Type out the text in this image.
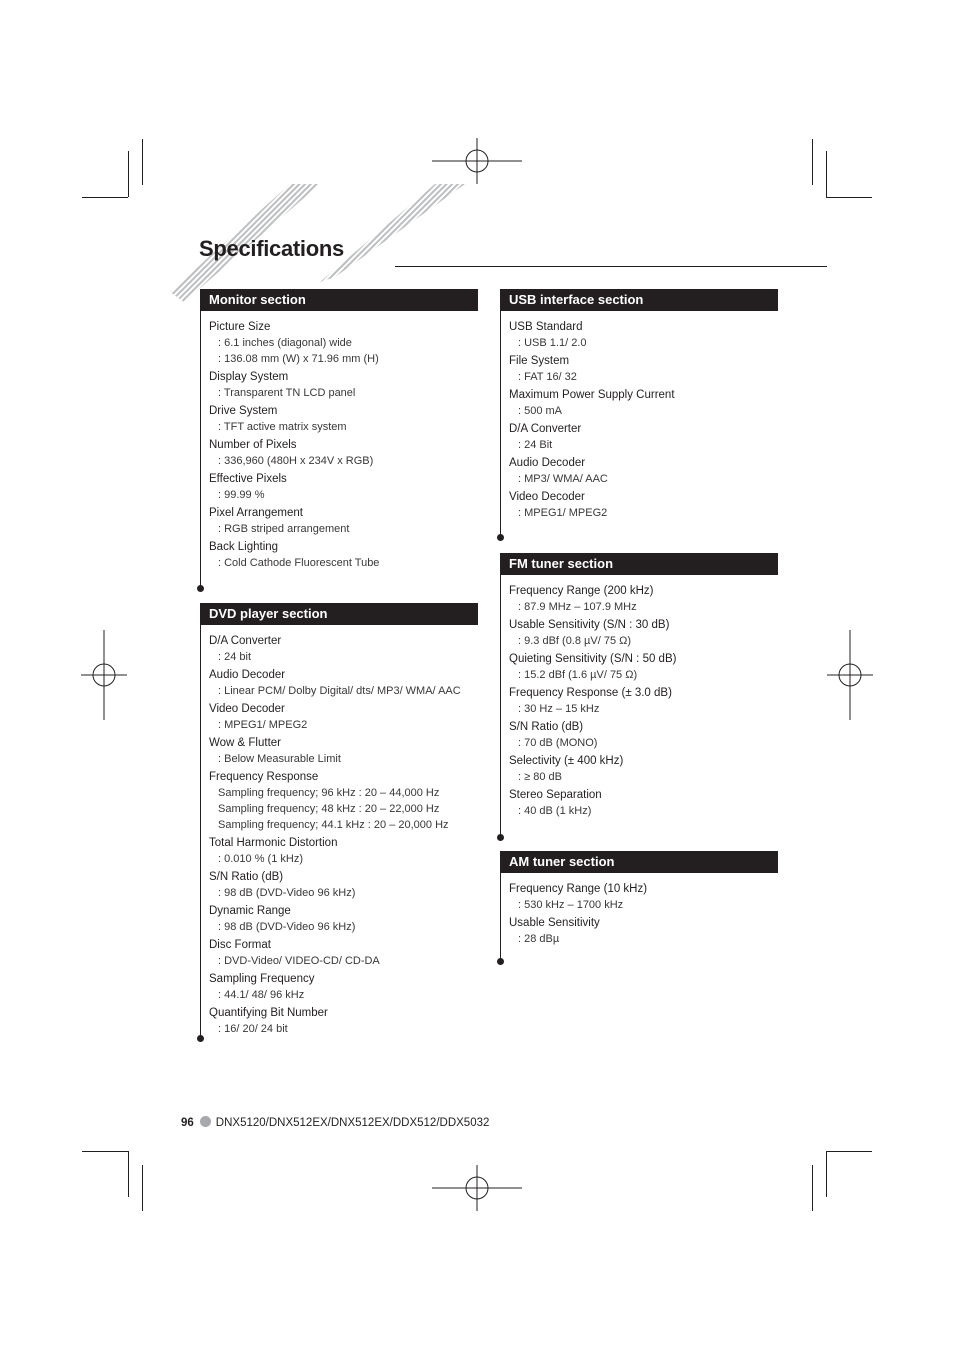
Specifications
Monitor section
Picture Size
: 6.1 inches (diagonal) wide
: 136.08 mm (W) x 71.96 mm (H)
Display System
: Transparent TN LCD panel
Drive System
: TFT active matrix system
Number of Pixels
: 336,960 (480H x 234V x RGB)
Effective Pixels
: 99.99 %
Pixel Arrangement
: RGB striped arrangement
Back Lighting
: Cold Cathode Fluorescent Tube
DVD player section
D/A Converter
: 24 bit
Audio Decoder
: Linear PCM/ Dolby Digital/ dts/ MP3/ WMA/ AAC
Video Decoder
: MPEG1/ MPEG2
Wow & Flutter
: Below Measurable Limit
Frequency Response
Sampling frequency; 96 kHz : 20 – 44,000 Hz
Sampling frequency; 48 kHz : 20 – 22,000 Hz
Sampling frequency; 44.1 kHz : 20 – 20,000 Hz
Total Harmonic Distortion
: 0.010 % (1 kHz)
S/N Ratio (dB)
: 98 dB (DVD-Video 96 kHz)
Dynamic Range
: 98 dB (DVD-Video 96 kHz)
Disc Format
: DVD-Video/ VIDEO-CD/ CD-DA
Sampling Frequency
: 44.1/ 48/ 96 kHz
Quantifying Bit Number
: 16/ 20/ 24 bit
USB interface section
USB Standard
: USB 1.1/ 2.0
File System
: FAT 16/ 32
Maximum Power Supply Current
: 500 mA
D/A Converter
: 24 Bit
Audio Decoder
: MP3/ WMA/ AAC
Video Decoder
: MPEG1/ MPEG2
FM tuner section
Frequency Range (200 kHz)
: 87.9 MHz – 107.9 MHz
Usable Sensitivity (S/N : 30 dB)
: 9.3 dBf (0.8 µV/ 75 Ω)
Quieting Sensitivity (S/N : 50 dB)
: 15.2 dBf (1.6 µV/ 75 Ω)
Frequency Response (± 3.0 dB)
: 30 Hz – 15 kHz
S/N Ratio (dB)
: 70 dB (MONO)
Selectivity (± 400 kHz)
: ≥ 80 dB
Stereo Separation
: 40 dB (1 kHz)
AM tuner section
Frequency Range (10 kHz)
: 530 kHz – 1700 kHz
Usable Sensitivity
: 28 dBµ
96 DNX5120/DNX512EX/DNX512EX/DDX512/DDX5032
